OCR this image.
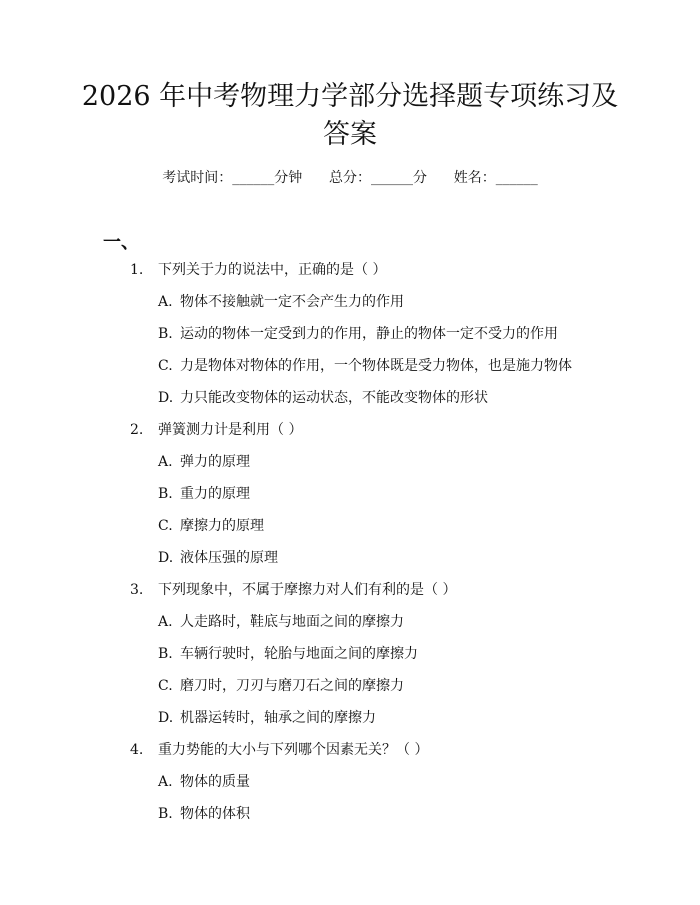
2026 年中考物理力学部分选择题专项练习及
答案
考试时间：______分钟 总分：______分 姓名：______
一、
1. 下列关于力的说法中，正确的是（ ）
A. 物体不接触就一定不会产生力的作用
B. 运动的物体一定受到力的作用，静止的物体一定不受力的作用
C. 力是物体对物体的作用，一个物体既是受力物体，也是施力物体
D. 力只能改变物体的运动状态，不能改变物体的形状
2. 弹簧测力计是利用（ ）
A. 弹力的原理
B. 重力的原理
C. 摩擦力的原理
D. 液体压强的原理
3. 下列现象中，不属于摩擦力对人们有利的是（ ）
A. 人走路时，鞋底与地面之间的摩擦力
B. 车辆行驶时，轮胎与地面之间的摩擦力
C. 磨刀时，刀刃与磨刀石之间的摩擦力
D. 机器运转时，轴承之间的摩擦力
4. 重力势能的大小与下列哪个因素无关？（ ）
A. 物体的质量
B. 物体的体积
